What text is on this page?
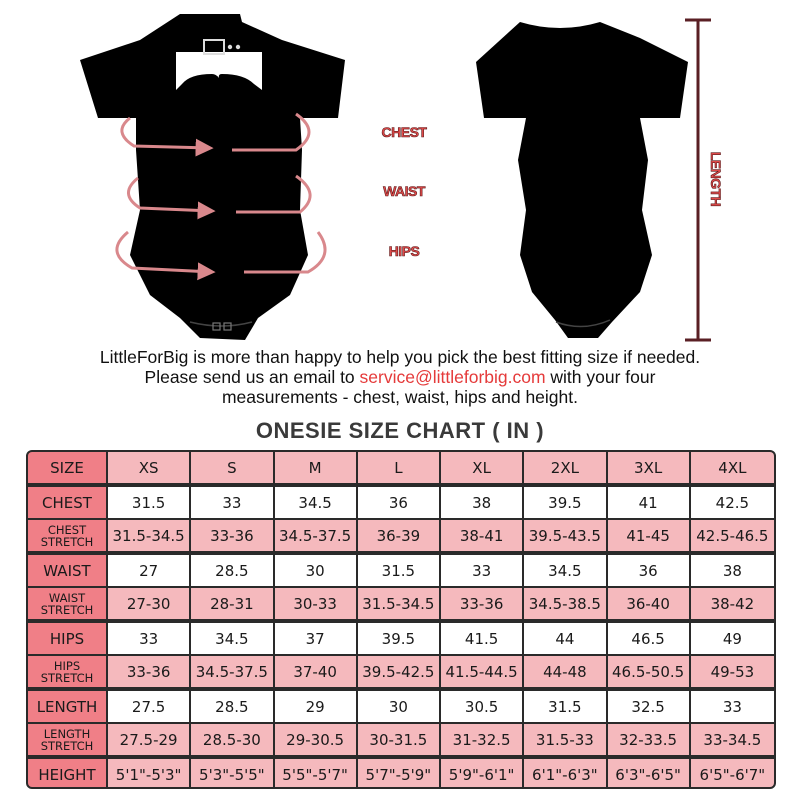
CHEST
WAIST
HIPS
LENGTH
LittleForBig is more than happy to help you pick the best fitting size if needed.
Please send us an email to service@littleforbig.com with your four
measurements - chest, waist, hips and height.
ONESIE SIZE CHART ( IN )
SIZE	XS	S	M	L	XL	2XL	3XL	4XL
CHEST	31.5	33	34.5	36	38	39.5	41	42.5
CHEST
STRETCH	31.5-34.5	33-36	34.5-37.5	36-39	38-41	39.5-43.5	41-45	42.5-46.5
WAIST	27	28.5	30	31.5	33	34.5	36	38
WAIST
STRETCH	27-30	28-31	30-33	31.5-34.5	33-36	34.5-38.5	36-40	38-42
HIPS	33	34.5	37	39.5	41.5	44	46.5	49
HIPS
STRETCH	33-36	34.5-37.5	37-40	39.5-42.5 41.5-44.5	44-48	46.5-50.5	49-53
LENGTH	27.5	28.5	29	30	30.5	31.5	32.5	33
LENGTH
STRETCH	27.5-29	28.5-30	29-30.5	30-31.5	31-32.5	31.5-33	32-33.5	33-34.5
HEIGHT	5'1"-5'3"	5'3"-5'5"	5'5"-5'7"	5'7"-5'9"	5'9"-6'1"	6'1"-6'3"	6'3"-6'5"	6'5"-6'7"
